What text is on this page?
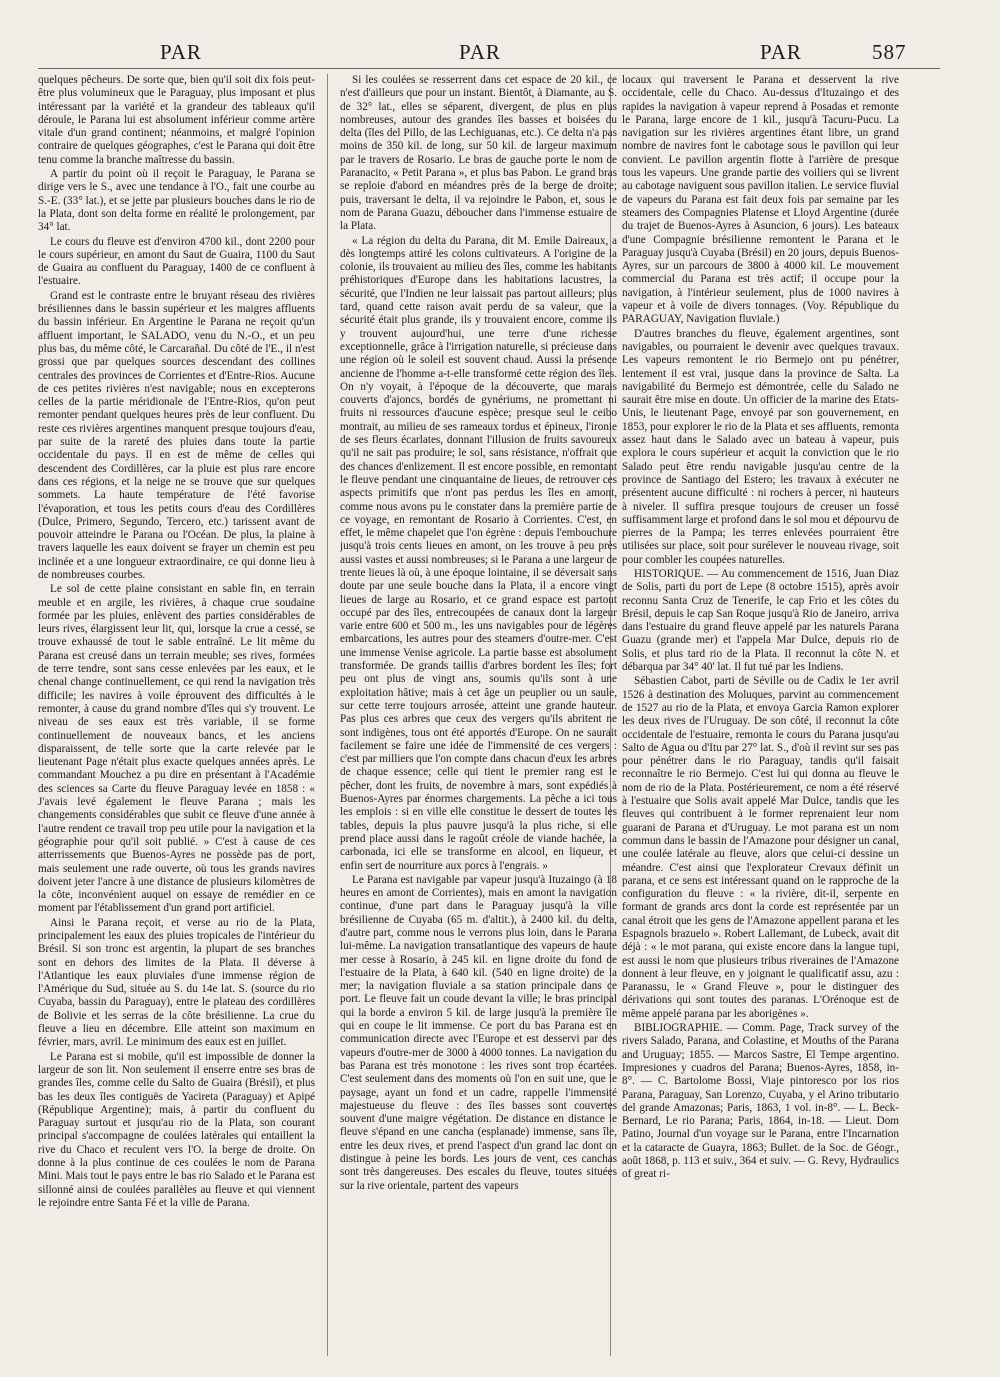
PAR	PAR	PAR	587

quelques pêcheurs. De sorte que, bien qu'il soit dix fois peut-être plus volumineux que le Paraguay, plus imposant et plus intéressant par la variété et la grandeur des tableaux qu'il déroule, le Parana lui est absolument inférieur comme artère vitale d'un grand continent; néanmoins, et malgré l'opinion contraire de quelques géographes, c'est le Parana qui doit être tenu comme la branche maîtresse du bassin.

A partir du point où il reçoit le Paraguay, le Parana se dirige vers le S., avec une tendance à l'O., fait une courbe au S.-E. (33° lat.), et se jette par plusieurs bouches dans le rio de la Plata, dont son delta forme en réalité le prolongement, par 34° lat.

Le cours du fleuve est d'environ 4700 kil., dont 2200 pour le cours supérieur, en amont du Saut de Guaira, 1100 du Saut de Guaira au confluent du Paraguay, 1400 de ce confluent à l'estuaire.

Grand est le contraste entre le bruyant réseau des rivières brésiliennes dans le bassin supérieur et les maigres affluents du bassin inférieur. En Argentine le Parana ne reçoit qu'un affluent important, le SALADO, venu du N.-O., et un peu plus bas, du même côté, le Carcarañal. Du côté de l'E., il n'est grossi que par quelques sources descendant des collines centrales des provinces de Corrientes et d'Entre-Rios. Aucune de ces petites rivières n'est navigable; nous en excepterons celles de la partie méridionale de l'Entre-Rios, qu'on peut remonter pendant quelques heures près de leur confluent. Du reste ces rivières argentines manquent presque toujours d'eau, par suite de la rareté des pluies dans toute la partie occidentale du pays. Il en est de même de celles qui descendent des Cordillères, car la pluie est plus rare encore dans ces régions, et la neige ne se trouve que sur quelques sommets. La haute température de l'été favorise l'évaporation, et tous les petits cours d'eau des Cordillères (Dulce, Primero, Segundo, Tercero, etc.) tarissent avant de pouvoir atteindre le Parana ou l'Océan. De plus, la plaine à travers laquelle les eaux doivent se frayer un chemin est peu inclinée et a une longueur extraordinaire, ce qui donne lieu à de nombreuses courbes.

Le sol de cette plaine consistant en sable fin, en terrain meuble et en argile, les rivières, à chaque crue soudaine formée par les pluies, enlèvent des parties considérables de leurs rives, élargissent leur lit, qui, lorsque la crue a cessé, se trouve exhaussé de tout le sable entraîné. Le lit même du Parana est creusé dans un terrain meuble; ses rives, formées de terre tendre, sont sans cesse enlevées par les eaux, et le chenal change continuellement, ce qui rend la navigation très difficile; les navires à voile éprouvent des difficultés à le remonter, à cause du grand nombre d'îles qui s'y trouvent. Le niveau de ses eaux est très variable, il se forme continuellement de nouveaux bancs, et les anciens disparaissent, de telle sorte que la carte relevée par le lieutenant Page n'était plus exacte quelques années après. Le commandant Mouchez a pu dire en présentant à l'Académie des sciences sa Carte du fleuve Paraguay levée en 1858 : « J'avais levé également le fleuve Parana ; mais les changements considérables que subit ce fleuve d'une année à l'autre rendent ce travail trop peu utile pour la navigation et la géographie pour qu'il soit publié. » C'est à cause de ces atterrissements que Buenos-Ayres ne possède pas de port, mais seulement une rade ouverte, où tous les grands navires doivent jeter l'ancre à une distance de plusieurs kilomètres de la côte, inconvénient auquel on essaye de remédier en ce moment par l'établissement d'un grand port artificiel.

Ainsi le Parana reçoit, et verse au rio de la Plata, principalement les eaux des pluies tropicales de l'intérieur du Brésil. Si son tronc est argentin, la plupart de ses branches sont en dehors des limites de la Plata. Il déverse à l'Atlantique les eaux pluviales d'une immense région de l'Amérique du Sud, située au S. du 14e lat. S. (source du rio Cuyaba, bassin du Paraguay), entre le plateau des cordillères de Bolivie et les serras de la côte brésilienne. La crue du fleuve a lieu en décembre. Elle atteint son maximum en février, mars, avril. Le minimum des eaux est en juillet.

Le Parana est si mobile, qu'il est impossible de donner la largeur de son lit. Non seulement il enserre entre ses bras de grandes îles, comme celle du Salto de Guaira (Brésil), et plus bas les deux îles contiguës de Yacireta (Paraguay) et Apipé (République Argentine); mais, à partir du confluent du Paraguay surtout et jusqu'au rio de la Plata, son courant principal s'accompagne de coulées latérales qui entaillent la rive du Chaco et reculent vers l'O. la berge de droite. On donne à la plus continue de ces coulées le nom de Parana Mini. Mais tout le pays entre le bas rio Salado et le Parana est sillonné ainsi de coulées parallèles au fleuve et qui viennent le rejoindre entre Santa Fé et la ville de Parana.

Si les coulées se resserrent dans cet espace de 20 kil., ce n'est d'ailleurs que pour un instant. Bientôt, à Diamante, au S. de 32° lat., elles se séparent, divergent, de plus en plus nombreuses, autour des grandes îles basses et boisées du delta (îles del Pillo, de las Lechiguanas, etc.). Ce delta n'a pas moins de 350 kil. de long, sur 50 kil. de largeur maximum par le travers de Rosario. Le bras de gauche porte le nom de Paranacito, « Petit Parana », et plus bas Pabon. Le grand bras se reploie d'abord en méandres près de la berge de droite; puis, traversant le delta, il va rejoindre le Pabon, et, sous le nom de Parana Guazu, déboucher dans l'immense estuaire de la Plata.

« La région du delta du Parana, dit M. Emile Daireaux, a dès longtemps attiré les colons cultivateurs. A l'origine de la colonie, ils trouvaient au milieu des îles, comme les habitants préhistoriques d'Europe dans les habitations lacustres, la sécurité, que l'Indien ne leur laissait pas partout ailleurs; plus tard, quand cette raison avait perdu de sa valeur, que la sécurité était plus grande, ils y trouvaient encore, comme ils y trouvent aujourd'hui, une terre d'une richesse exceptionnelle, grâce à l'irrigation naturelle, si précieuse dans une région où le soleil est souvent chaud. Aussi la présence ancienne de l'homme a-t-elle transformé cette région des îles. On n'y voyait, à l'époque de la découverte, que marais couverts d'ajoncs, bordés de gynériums, ne promettant ni fruits ni ressources d'aucune espèce; presque seul le ceibo montrait, au milieu de ses rameaux tordus et épineux, l'ironie de ses fleurs écarlates, donnant l'illusion de fruits savoureux qu'il ne sait pas produire; le sol, sans résistance, n'offrait que des chances d'enlizement. Il est encore possible, en remontant le fleuve pendant une cinquantaine de lieues, de retrouver ces aspects primitifs que n'ont pas perdus les îles en amont, comme nous avons pu le constater dans la première partie de ce voyage, en remontant de Rosario à Corrientes. C'est, en effet, le même chapelet que l'on égrène : depuis l'embouchure jusqu'à trois cents lieues en amont, on les trouve à peu près aussi vastes et aussi nombreuses; si le Parana a une largeur de trente lieues là où, à une époque lointaine, il se déversait sans doute par une seule bouche dans la Plata, il a encore vingt lieues de large au Rosario, et ce grand espace est partout occupé par des îles, entrecoupées de canaux dont la largeur varie entre 600 et 500 m., les uns navigables pour de légères embarcations, les autres pour des steamers d'outre-mer. C'est une immense Venise agricole. La partie basse est absolument transformée. De grands taillis d'arbres bordent les îles; fort peu ont plus de vingt ans, soumis qu'ils sont à une exploitation hâtive; mais à cet âge un peuplier ou un saule, sur cette terre toujours arrosée, atteint une grande hauteur. Pas plus ces arbres que ceux des vergers qu'ils abritent ne sont indigènes, tous ont été apportés d'Europe. On ne saurait facilement se faire une idée de l'immensité de ces vergers : c'est par milliers que l'on compte dans chacun d'eux les arbres de chaque essence; celle qui tient le premier rang est le pêcher, dont les fruits, de novembre à mars, sont expédiés à Buenos-Ayres par énormes chargements. La pêche a ici tous les emplois : si en ville elle constitue le dessert de toutes les tables, depuis la plus pauvre jusqu'à la plus riche, si elle prend place aussi dans le ragoût créole de viande hachée, la carbonada, ici elle se transforme en alcool, en liqueur, et enfin sert de nourriture aux porcs à l'engrais. »

Le Parana est navigable par vapeur jusqu'à Ituzaingo (à 18 heures en amont de Corrientes), mais en amont la navigation continue, d'une part dans le Paraguay jusqu'à la ville brésilienne de Cuyaba (65 m. d'altit.), à 2400 kil. du delta, d'autre part, comme nous le verrons plus loin, dans le Parana lui-même. La navigation transatlantique des vapeurs de haute mer cesse à Rosario, à 245 kil. en ligne droite du fond de l'estuaire de la Plata, à 640 kil. (540 en ligne droite) de la mer; la navigation fluviale a sa station principale dans ce port. Le fleuve fait un coude devant la ville; le bras principal qui la borde a environ 5 kil. de large jusqu'à la première île qui en coupe le lit immense. Ce port du bas Parana est en communication directe avec l'Europe et est desservi par des vapeurs d'outre-mer de 3000 à 4000 tonnes. La navigation du bas Parana est très monotone : les rives sont trop écartées. C'est seulement dans des moments où l'on en suit une, que le paysage, ayant un fond et un cadre, rappelle l'immensité majestueuse du fleuve : des îles basses sont couvertes souvent d'une maigre végétation. De distance en distance le fleuve s'épand en une cancha (esplanade) immense, sans île, entre les deux rives, et prend l'aspect d'un grand lac dont on distingue à peine les bords. Les jours de vent, ces canchas sont très dangereuses. Des escales du fleuve, toutes situées sur la rive orientale, partent des vapeurs

locaux qui traversent le Parana et desservent la rive occidentale, celle du Chaco. Au-dessus d'Ituzaingo et des rapides la navigation à vapeur reprend à Posadas et remonte le Parana, large encore de 1 kil., jusqu'à Tacuru-Pucu. La navigation sur les rivières argentines étant libre, un grand nombre de navires font le cabotage sous le pavillon qui leur convient. Le pavillon argentin flotte à l'arrière de presque tous les vapeurs. Une grande partie des voiliers qui se livrent au cabotage naviguent sous pavillon italien. Le service fluvial de vapeurs du Parana est fait deux fois par semaine par les steamers des Compagnies Platense et Lloyd Argentine (durée du trajet de Buenos-Ayres à Asuncion, 6 jours). Les bateaux d'une Compagnie brésilienne remontent le Parana et le Paraguay jusqu'à Cuyaba (Brésil) en 20 jours, depuis Buenos-Ayres, sur un parcours de 3800 à 4000 kil. Le mouvement commercial du Parana est très actif; il occupe pour la navigation, à l'intérieur seulement, plus de 1000 navires à vapeur et à voile de divers tonnages. (Voy. République du PARAGUAY, Navigation fluviale.)

D'autres branches du fleuve, également argentines, sont navigables, ou pourraient le devenir avec quelques travaux. Les vapeurs remontent le rio Bermejo ont pu pénétrer, lentement il est vrai, jusque dans la province de Salta. La navigabilité du Bermejo est démontrée, celle du Salado ne saurait être mise en doute. Un officier de la marine des Etats-Unis, le lieutenant Page, envoyé par son gouvernement, en 1853, pour explorer le rio de la Plata et ses affluents, remonta assez haut dans le Salado avec un bateau à vapeur, puis explora le cours supérieur et acquit la conviction que le rio Salado peut être rendu navigable jusqu'au centre de la province de Santiago del Estero; les travaux à exécuter ne présentent aucune difficulté : ni rochers à percer, ni hauteurs à niveler. Il suffira presque toujours de creuser un fossé suffisamment large et profond dans le sol mou et dépourvu de pierres de la Pampa; les terres enlevées pourraient être utilisées sur place, soit pour surélever le nouveau rivage, soit pour combler les coupées naturelles.

HISTORIQUE. — Au commencement de 1516, Juan Diaz de Solis, parti du port de Lepe (8 octobre 1515), après avoir reconnu Santa Cruz de Tenerife, le cap Frio et les côtes du Brésil, depuis le cap San Roque jusqu'à Rio de Janeiro, arriva dans l'estuaire du grand fleuve appelé par les naturels Parana Guazu (grande mer) et l'appela Mar Dulce, depuis rio de Solis, et plus tard rio de la Plata. Il reconnut la côte N. et débarqua par 34° 40' lat. Il fut tué par les Indiens.

Sébastien Cabot, parti de Séville ou de Cadix le 1er avril 1526 à destination des Moluques, parvint au commencement de 1527 au rio de la Plata, et envoya Garcia Ramon explorer les deux rives de l'Uruguay. De son côté, il reconnut la côte occidentale de l'estuaire, remonta le cours du Parana jusqu'au Salto de Agua ou d'Itu par 27° lat. S., d'où il revint sur ses pas pour pénétrer dans le rio Paraguay, tandis qu'il faisait reconnaître le rio Bermejo. C'est lui qui donna au fleuve le nom de rio de la Plata. Postérieurement, ce nom a été réservé à l'estuaire que Solis avait appelé Mar Dulce, tandis que les fleuves qui contribuent à le former reprenaient leur nom guarani de Parana et d'Uruguay. Le mot parana est un nom commun dans le bassin de l'Amazone pour désigner un canal, une coulée latérale au fleuve, alors que celui-ci dessine un méandre. C'est ainsi que l'explorateur Crevaux définit un parana, et ce sens est intéressant quand on le rapproche de la configuration du fleuve : « la rivière, dit-il, serpente en formant de grands arcs dont la corde est représentée par un canal étroit que les gens de l'Amazone appellent parana et les Espagnols brazuelo ». Robert Lallemant, de Lubeck, avait dit déjà : « le mot parana, qui existe encore dans la langue tupi, est aussi le nom que plusieurs tribus riveraines de l'Amazone donnent à leur fleuve, en y joignant le qualificatif assu, azu : Paranassu, le « Grand Fleuve », pour le distinguer des dérivations qui sont toutes des paranas. L'Orénoque est de même appelé parana par les aborigènes ».

BIBLIOGRAPHIE. — Comm. Page, Track survey of the rivers Salado, Parana, and Colastine, et Mouths of the Parana and Uruguay; 1855. — Marcos Sastre, El Tempe argentino. Impresiones y cuadros del Parana; Buenos-Ayres, 1858, in-8°. — C. Bartolome Bossi, Viaje pintoresco por los rios Parana, Paraguay, San Lorenzo, Cuyaba, y el Arino tributario del grande Amazonas; Paris, 1863, 1 vol. in-8°. — L. Beck-Bernard, Le rio Parana; Paris, 1864, in-18. — Lieut. Dom Patino, Journal d'un voyage sur le Parana, entre l'Incarnation et la cataracte de Guayra, 1863; Bullet. de la Soc. de Géogr., août 1868, p. 113 et suiv., 364 et suiv. — G. Revy, Hydraulics of great ri-
